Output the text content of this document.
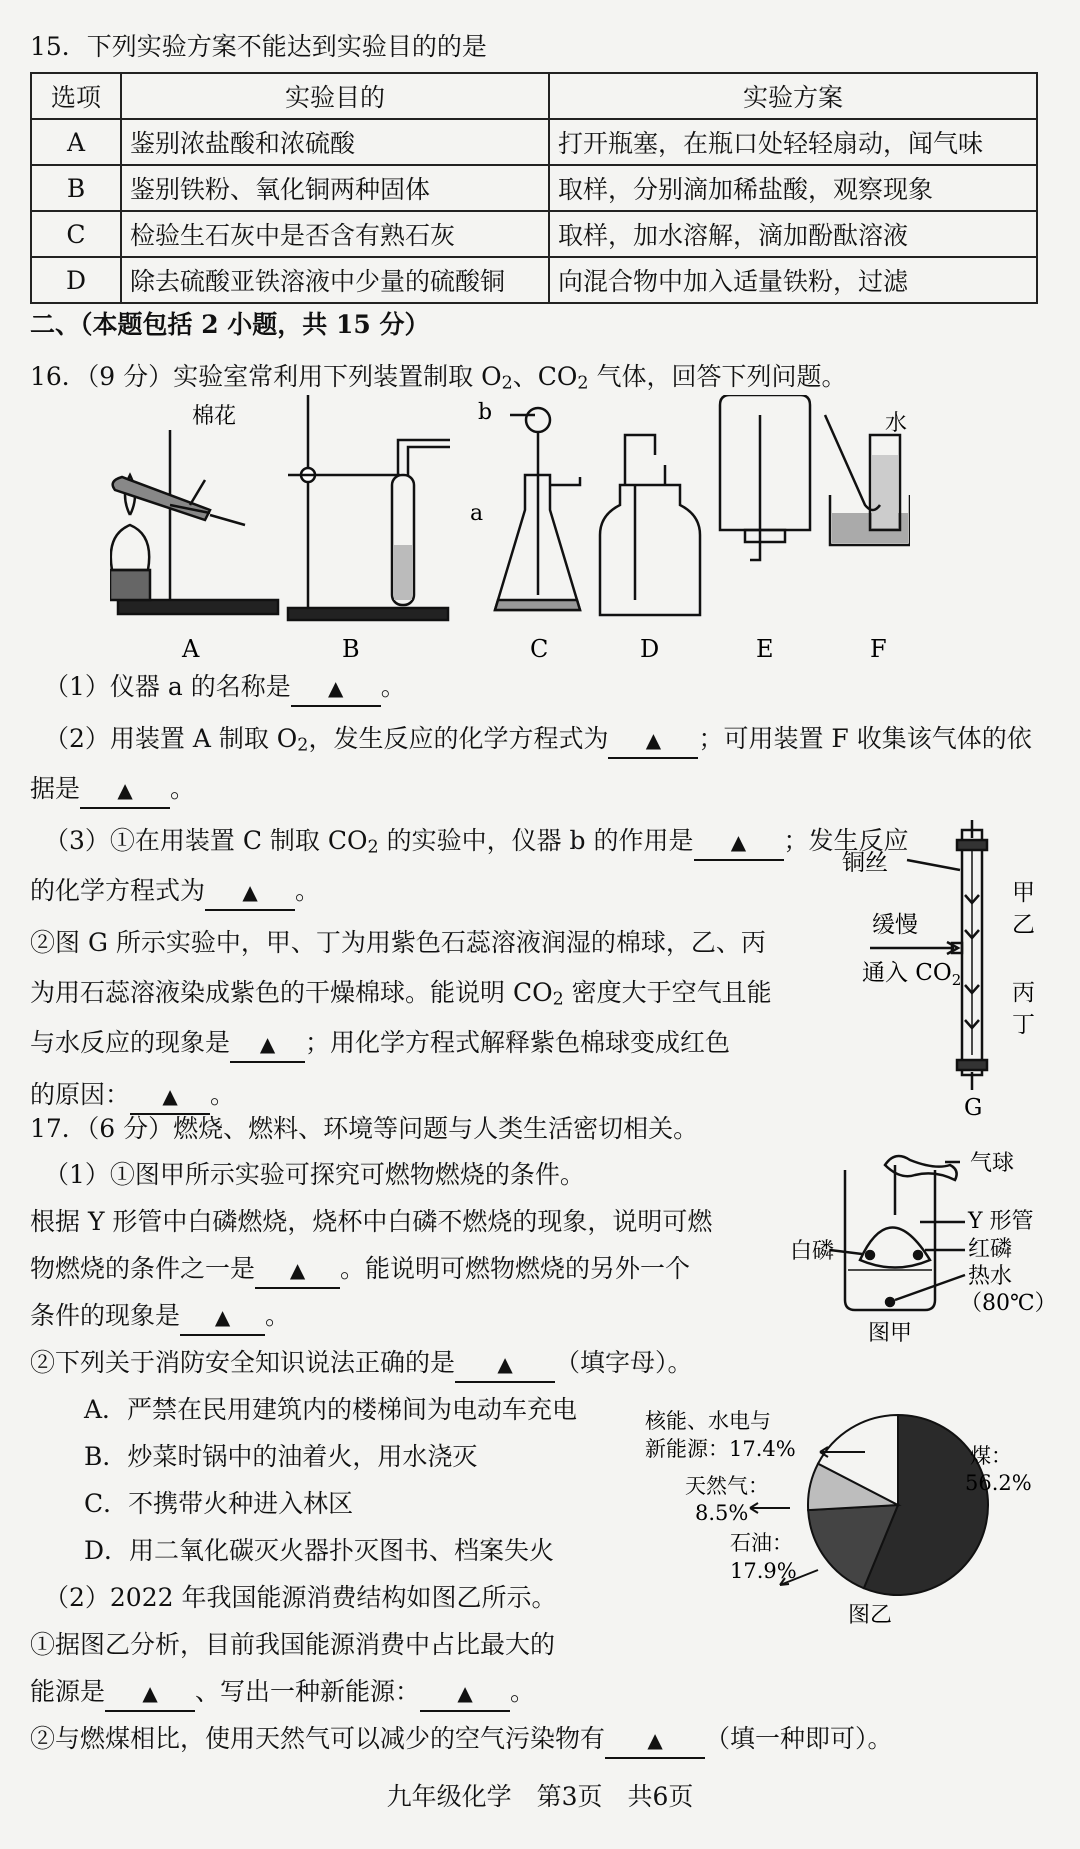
15．下列实验方案不能达到实验目的的是
选项	实验目的	实验方案
A	鉴别浓盐酸和浓硫酸	打开瓶塞，在瓶口处轻轻扇动，闻气味
B	鉴别铁粉、氧化铜两种固体	取样，分别滴加稀盐酸，观察现象
C	检验生石灰中是否含有熟石灰	取样，加水溶解，滴加酚酞溶液
D	除去硫酸亚铁溶液中少量的硫酸铜	向混合物中加入适量铁粉，过滤
二、（本题包括 2 小题，共 15 分）
16．（9 分）实验室常利用下列装置制取 $O_2$、$CO_2$ 气体，回答下列问题。
棉花	b
a
水
A	B	C	D	E	F
（1）仪器 a 的名称是 ▲ 。
（2）用装置 A 制取 $O_2$，发生反应的化学方程式为 ▲ ；可用装置 F 收集该气体的依
据是 ▲ 。
（3）①在用装置 C 制取 $CO_2$ 的实验中，仪器 b 的作用是 ▲ ；发生反应
的化学方程式为 ▲ 。
②图 G 所示实验中，甲、丁为用紫色石蕊溶液润湿的棉球，乙、丙
为用石蕊溶液染成紫色的干燥棉球。能说明 $CO_2$ 密度大于空气且能
与水反应的现象是 ▲ ；用化学方程式解释紫色棉球变成红色
的原因： ▲ 。
铜丝
缓慢
通入 $CO_2$
甲
乙
丙
丁
G
17．（6 分）燃烧、燃料、环境等问题与人类生活密切相关。
（1）①图甲所示实验可探究可燃物燃烧的条件。
根据 Y 形管中白磷燃烧，烧杯中白磷不燃烧的现象，说明可燃
物燃烧的条件之一是 ▲ 。能说明可燃物燃烧的另外一个
条件的现象是 ▲ 。
②下列关于消防安全知识说法正确的是 ▲ （填字母）。
A．严禁在民用建筑内的楼梯间为电动车充电
B．炒菜时锅中的油着火，用水浇灭
C．不携带火种进入林区
D．用二氧化碳灭火器扑灭图书、档案失火
（2）2022 年我国能源消费结构如图乙所示。
①据图乙分析，目前我国能源消费中占比最大的
能源是 ▲ 、写出一种新能源： ▲ 。
②与燃煤相比，使用天然气可以减少的空气污染物有 ▲ （填一种即可）。
气球
Y 形管
白磷	红磷
热水
（80℃）
图甲
核能、水电与
新能源：17.4%
天然气：
8.5%
石油：
17.9%
煤：
56.2%
图乙
九年级化学　第3页　共6页
